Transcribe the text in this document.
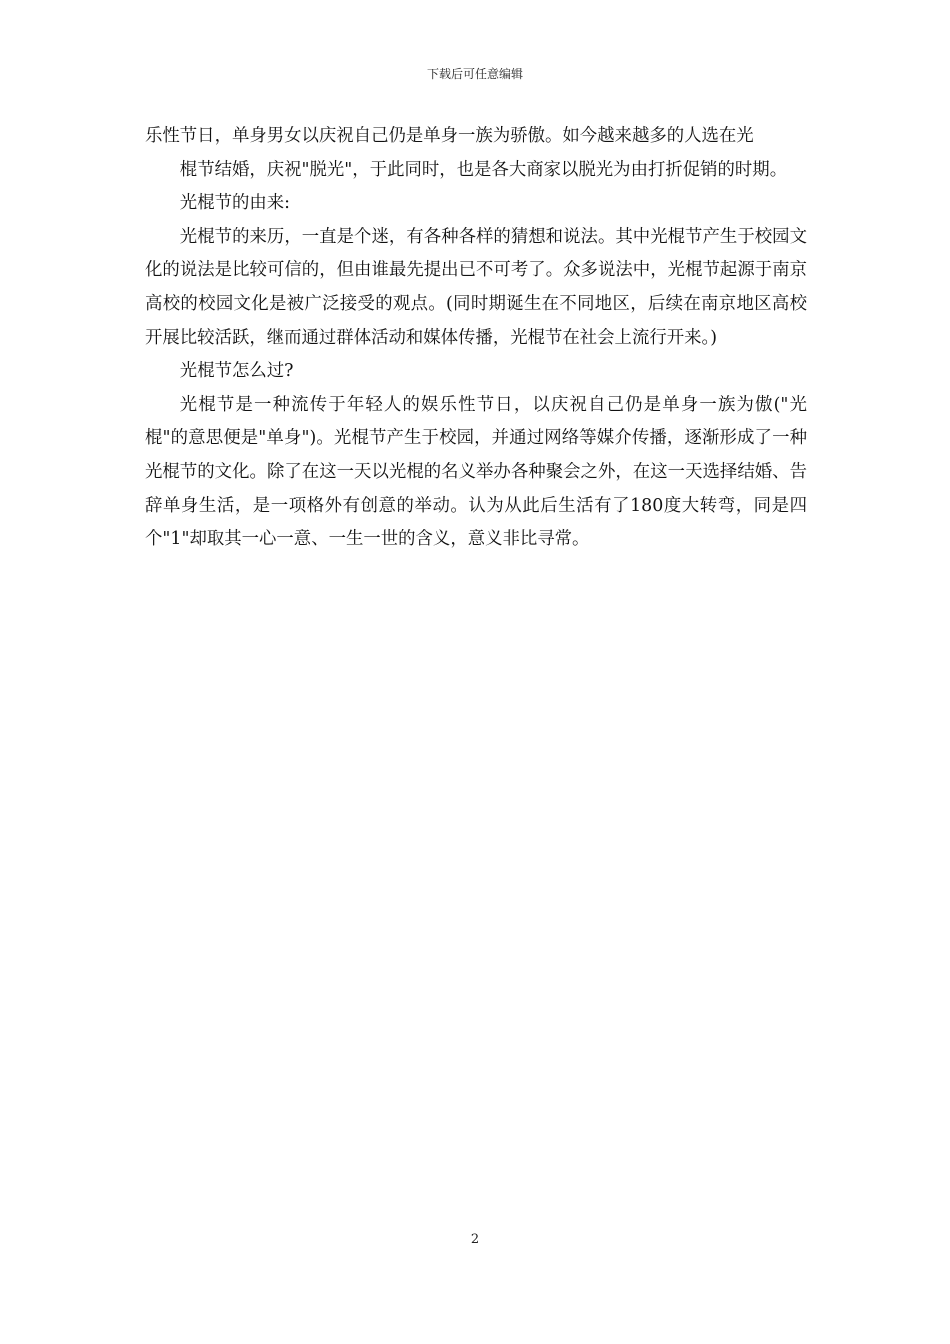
下载后可任意编辑

乐性节日，单身男女以庆祝自己仍是单身一族为骄傲。如今越来越多的人选在光

棍节结婚，庆祝"脱光"，于此同时，也是各大商家以脱光为由打折促销的时期。

光棍节的由来:

光棍节的来历，一直是个迷，有各种各样的猜想和说法。其中光棍节产生于校园文化的说法是比较可信的，但由谁最先提出已不可考了。众多说法中，光棍节起源于南京高校的校园文化是被广泛接受的观点。(同时期诞生在不同地区，后续在南京地区高校开展比较活跃，继而通过群体活动和媒体传播，光棍节在社会上流行开来。)

光棍节怎么过?

光棍节是一种流传于年轻人的娱乐性节日，以庆祝自己仍是单身一族为傲("光棍"的意思便是"单身")。光棍节产生于校园，并通过网络等媒介传播，逐渐形成了一种光棍节的文化。除了在这一天以光棍的名义举办各种聚会之外，在这一天选择结婚、告辞单身生活，是一项格外有创意的举动。认为从此后生活有了180度大转弯，同是四个"1"却取其一心一意、一生一世的含义，意义非比寻常。

2
